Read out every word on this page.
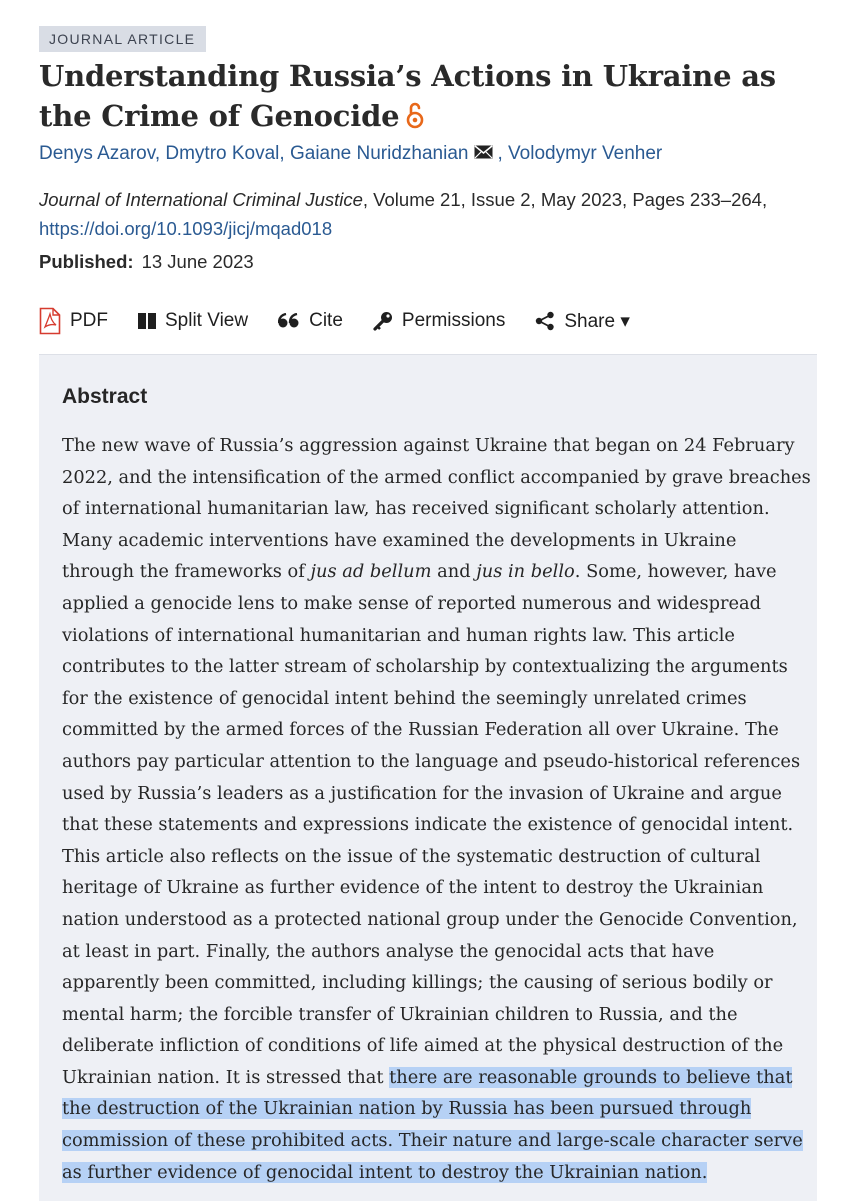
JOURNAL ARTICLE
Understanding Russia’s Actions in Ukraine as the Crime of Genocide
Denys Azarov, Dmytro Koval, Gaiane Nuridzhanian , Volodymyr Venher
Journal of International Criminal Justice, Volume 21, Issue 2, May 2023, Pages 233–264,
https://doi.org/10.1093/jicj/mqad018
Published: 13 June 2023
PDF	Split View	Cite	Permissions	Share ▾
Abstract

The new wave of Russia’s aggression against Ukraine that began on 24 February 2022, and the intensification of the armed conflict accompanied by grave breaches of international humanitarian law, has received significant scholarly attention. Many academic interventions have examined the developments in Ukraine through the frameworks of jus ad bellum and jus in bello. Some, however, have applied a genocide lens to make sense of reported numerous and widespread violations of international humanitarian and human rights law. This article contributes to the latter stream of scholarship by contextualizing the arguments for the existence of genocidal intent behind the seemingly unrelated crimes committed by the armed forces of the Russian Federation all over Ukraine. The authors pay particular attention to the language and pseudo-historical references used by Russia’s leaders as a justification for the invasion of Ukraine and argue that these statements and expressions indicate the existence of genocidal intent. This article also reflects on the issue of the systematic destruction of cultural heritage of Ukraine as further evidence of the intent to destroy the Ukrainian nation understood as a protected national group under the Genocide Convention, at least in part. Finally, the authors analyse the genocidal acts that have apparently been committed, including killings; the causing of serious bodily or mental harm; the forcible transfer of Ukrainian children to Russia, and the deliberate infliction of conditions of life aimed at the physical destruction of the Ukrainian nation. It is stressed that there are reasonable grounds to believe that the destruction of the Ukrainian nation by Russia has been pursued through commission of these prohibited acts. Their nature and large-scale character serve as further evidence of genocidal intent to destroy the Ukrainian nation.
